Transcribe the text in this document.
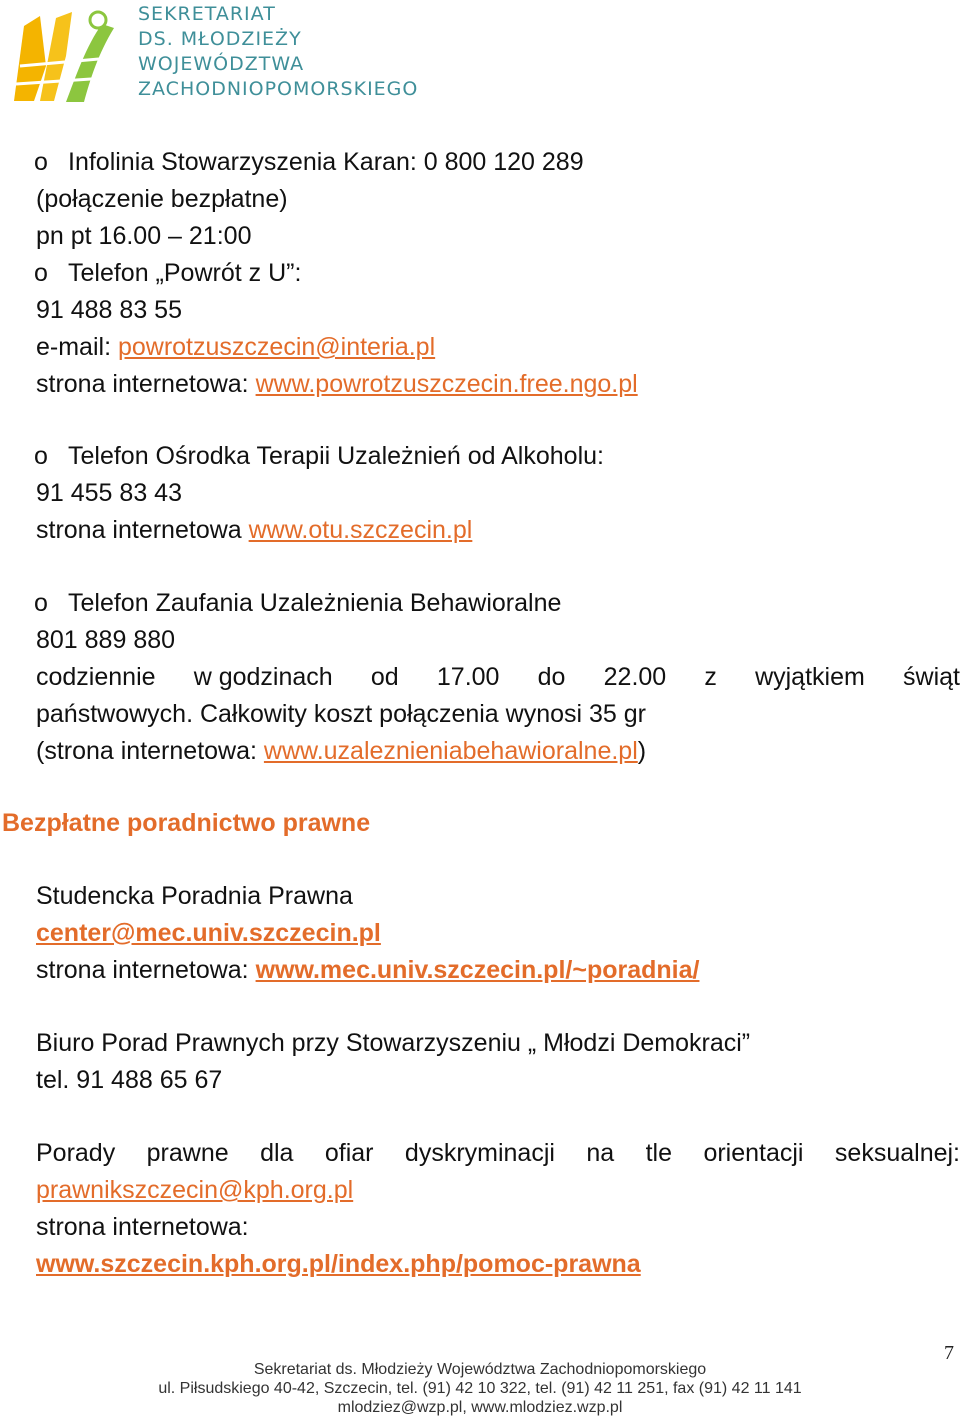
SEKRETARIAT
DS. MŁODZIEŻY
WOJEWÓDZTWA
ZACHODNIOPOMORSKIEGO
o Infolinia Stowarzyszenia Karan: 0 800 120 289
(połączenie bezpłatne)
pn pt 16.00 – 21:00
o Telefon „Powrót z U”:
91 488 83 55
e-mail: powrotzuszczecin@interia.pl
strona internetowa: www.powrotzuszczecin.free.ngo.pl
o Telefon Ośrodka Terapii Uzależnień od Alkoholu:
91 455 83 43
strona internetowa www.otu.szczecin.pl
o Telefon Zaufania Uzależnienia Behawioralne
801 889 880
codziennie w godzinach od 17.00 do 22.00 z wyjątkiem świąt
państwowych. Całkowity koszt połączenia wynosi 35 gr
(strona internetowa: www.uzaleznieniabehawioralne.pl)
Bezpłatne poradnictwo prawne
Studencka Poradnia Prawna
center@mec.univ.szczecin.pl
strona internetowa: www.mec.univ.szczecin.pl/~poradnia/
Biuro Porad Prawnych przy Stowarzyszeniu „ Młodzi Demokraci”
tel. 91 488 65 67
Porady prawne dla ofiar dyskryminacji na tle orientacji seksualnej:
prawnikszczecin@kph.org.pl
strona internetowa:
www.szczecin.kph.org.pl/index.php/pomoc-prawna
7
Sekretariat ds. Młodzieży Województwa Zachodniopomorskiego
ul. Piłsudskiego 40-42, Szczecin, tel. (91) 42 10 322, tel. (91) 42 11 251, fax (91) 42 11 141
mlodziez@wzp.pl, www.mlodziez.wzp.pl
